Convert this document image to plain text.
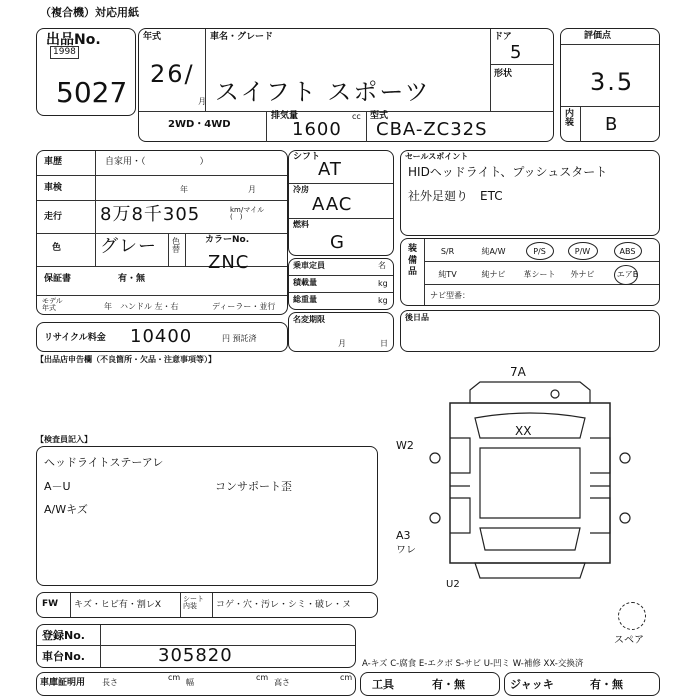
（複合機）対応用紙
出品No.
1998
5027
年式
26/
月
車名・グレード
スイフト スポーツ
ドア
5
形状
2WD・4WD
排気量
1600
cc 型式
CBA-ZC32S
評価点
3.5
内装 B
車歴	自家用・（　　　　　　）
車検	年	月
走行 8万8千305	km/マイル(　)
色 グレー 色替
カラーNo.
ZNC
保証書	有・無
モデル年式	年 ハンドル 左・右	ディーラー・並行
リサイクル料金 10400	円 預託済
シフト
AT
冷房
AAC
燃料
G
乗車定員	名
積載量	kg
総重量	kg
名変期限
月	日
セールスポイント
HIDヘッドライト、プッシュスタート
社外足廻り　ETC
装備品
S/R	純A/W	P/S	P/W	ABS
純TV	純ナビ	革シート	外ナビ	エアB
ナビ型番：
後日品
【出品店申告欄（不良箇所・欠品・注意事項等）】
【検査員記入】
ヘッドライトステーアレ
A－U
A/Wキズ
コンサポート歪
7A
XX
W2
A3
ワレ
U2
スペア
FW キズ・ヒビ有・割レX
シート内装	コゲ・穴・汚レ・シミ・破レ・ヌ
登録No.
車台No.	305820
車庫証明用 長さ
cm
幅
cm
高さ
cm
A-キズ C-腐食 E-エクボ S-サビ U-凹ミ W-補修 XX-交換済
工具	有・無	ジャッキ	有・無
